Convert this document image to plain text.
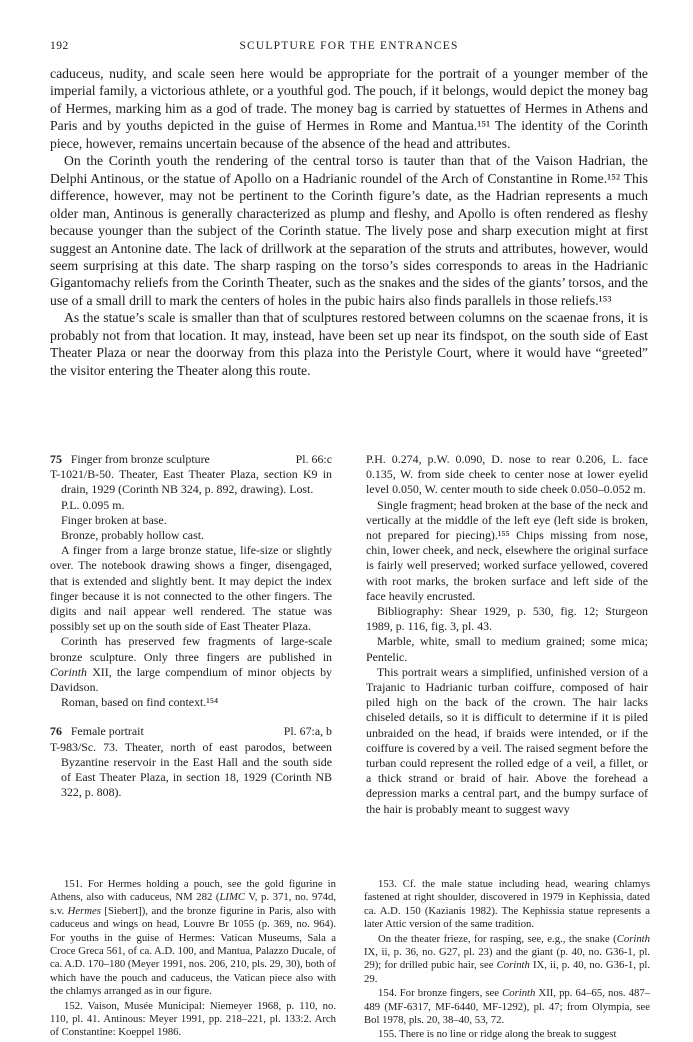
192	SCULPTURE FOR THE ENTRANCES

caduceus, nudity, and scale seen here would be appropriate for the portrait of a younger member of the imperial family, a victorious athlete, or a youthful god. The pouch, if it belongs, would depict the money bag of Hermes, marking him as a god of trade. The money bag is carried by statuettes of Hermes in Athens and Paris and by youths depicted in the guise of Hermes in Rome and Mantua.¹⁵¹ The identity of the Corinth piece, however, remains uncertain because of the absence of the head and attributes.

On the Corinth youth the rendering of the central torso is tauter than that of the Vaison Hadrian, the Delphi Antinous, or the statue of Apollo on a Hadrianic roundel of the Arch of Constantine in Rome.¹⁵² This difference, however, may not be pertinent to the Corinth figure’s date, as the Hadrian represents a much older man, Antinous is generally characterized as plump and fleshy, and Apollo is often rendered as fleshy because younger than the subject of the Corinth statue. The lively pose and sharp execution might at first suggest an Antonine date. The lack of drillwork at the separation of the struts and attributes, however, would seem surprising at this date. The sharp rasping on the torso’s sides corresponds to areas in the Hadrianic Gigantomachy reliefs from the Corinth Theater, such as the snakes and the sides of the giants’ torsos, and the use of a small drill to mark the centers of holes in the pubic hairs also finds parallels in those reliefs.¹⁵³

As the statue’s scale is smaller than that of sculptures restored between columns on the scaenae frons, it is probably not from that location. It may, instead, have been set up near its findspot, on the south side of East Theater Plaza or near the doorway from this plaza into the Peristyle Court, where it would have “greeted” the visitor entering the Theater along this route.

75 Finger from bronze sculpture	Pl. 66:c

T-1021/B-50. Theater, East Theater Plaza, section K9 in drain, 1929 (Corinth NB 324, p. 892, drawing). Lost.

P.L. 0.095 m.

Finger broken at base.

Bronze, probably hollow cast.

A finger from a large bronze statue, life-size or slightly over. The notebook drawing shows a finger, disengaged, that is extended and slightly bent. It may depict the index finger because it is not connected to the other fingers. The digits and nail appear well rendered. The statue was possibly set up on the south side of East Theater Plaza.

Corinth has preserved few fragments of large-scale bronze sculpture. Only three fingers are published in Corinth XII, the large compendium of minor objects by Davidson.

Roman, based on find context.¹⁵⁴

76 Female portrait	Pl. 67:a, b

T-983/Sc. 73. Theater, north of east parodos, between Byzantine reservoir in the East Hall and the south side of East Theater Plaza, in section 18, 1929 (Corinth NB 322, p. 808).

P.H. 0.274, p.W. 0.090, D. nose to rear 0.206, L. face 0.135, W. from side cheek to center nose at lower eyelid level 0.050, W. center mouth to side cheek 0.050–0.052 m.

Single fragment; head broken at the base of the neck and vertically at the middle of the left eye (left side is broken, not prepared for piecing).¹⁵⁵ Chips missing from nose, chin, lower cheek, and neck, elsewhere the original surface is fairly well preserved; worked surface yellowed, covered with root marks, the broken surface and left side of the face heavily encrusted.

Bibliography: Shear 1929, p. 530, fig. 12; Sturgeon 1989, p. 116, fig. 3, pl. 43.

Marble, white, small to medium grained; some mica; Pentelic.

This portrait wears a simplified, unfinished version of a Trajanic to Hadrianic turban coiffure, composed of hair piled high on the back of the crown. The hair lacks chiseled details, so it is difficult to determine if it is piled unbraided on the head, if braids were intended, or if the coiffure is covered by a veil. The raised segment before the turban could represent the rolled edge of a veil, a fillet, or a thick strand or braid of hair. Above the forehead a depression marks a central part, and the bumpy surface of the hair is probably meant to suggest wavy

151. For Hermes holding a pouch, see the gold figurine in Athens, also with caduceus, NM 282 (LIMC V, p. 371, no. 974d, s.v. Hermes [Siebert]), and the bronze figurine in Paris, also with caduceus and wings on head, Louvre Br 1055 (p. 369, no. 964). For youths in the guise of Hermes: Vatican Museums, Sala a Croce Greca 561, of ca. A.D. 100, and Mantua, Palazzo Ducale, of ca. A.D. 170–180 (Meyer 1991, nos. 206, 210, pls. 29, 30), both of which have the pouch and caduceus, the Vatican piece also with the chlamys arranged as in our figure.

152. Vaison, Musée Municipal: Niemeyer 1968, p. 110, no. 110, pl. 41. Antinous: Meyer 1991, pp. 218–221, pl. 133:2. Arch of Constantine: Koeppel 1986.

153. Cf. the male statue including head, wearing chlamys fastened at right shoulder, discovered in 1979 in Kephissia, dated ca. A.D. 150 (Kazianis 1982). The Kephissia statue represents a later Attic version of the same tradition.

On the theater frieze, for rasping, see, e.g., the snake (Corinth IX, ii, p. 36, no. G27, pl. 23) and the giant (p. 40, no. G36-1, pl. 29); for drilled pubic hair, see Corinth IX, ii, p. 40, no. G36-1, pl. 29.

154. For bronze fingers, see Corinth XII, pp. 64–65, nos. 487–489 (MF-6317, MF-6440, MF-1292), pl. 47; from Olympia, see Bol 1978, pls. 20, 38–40, 53, 72.

155. There is no line or ridge along the break to suggest
